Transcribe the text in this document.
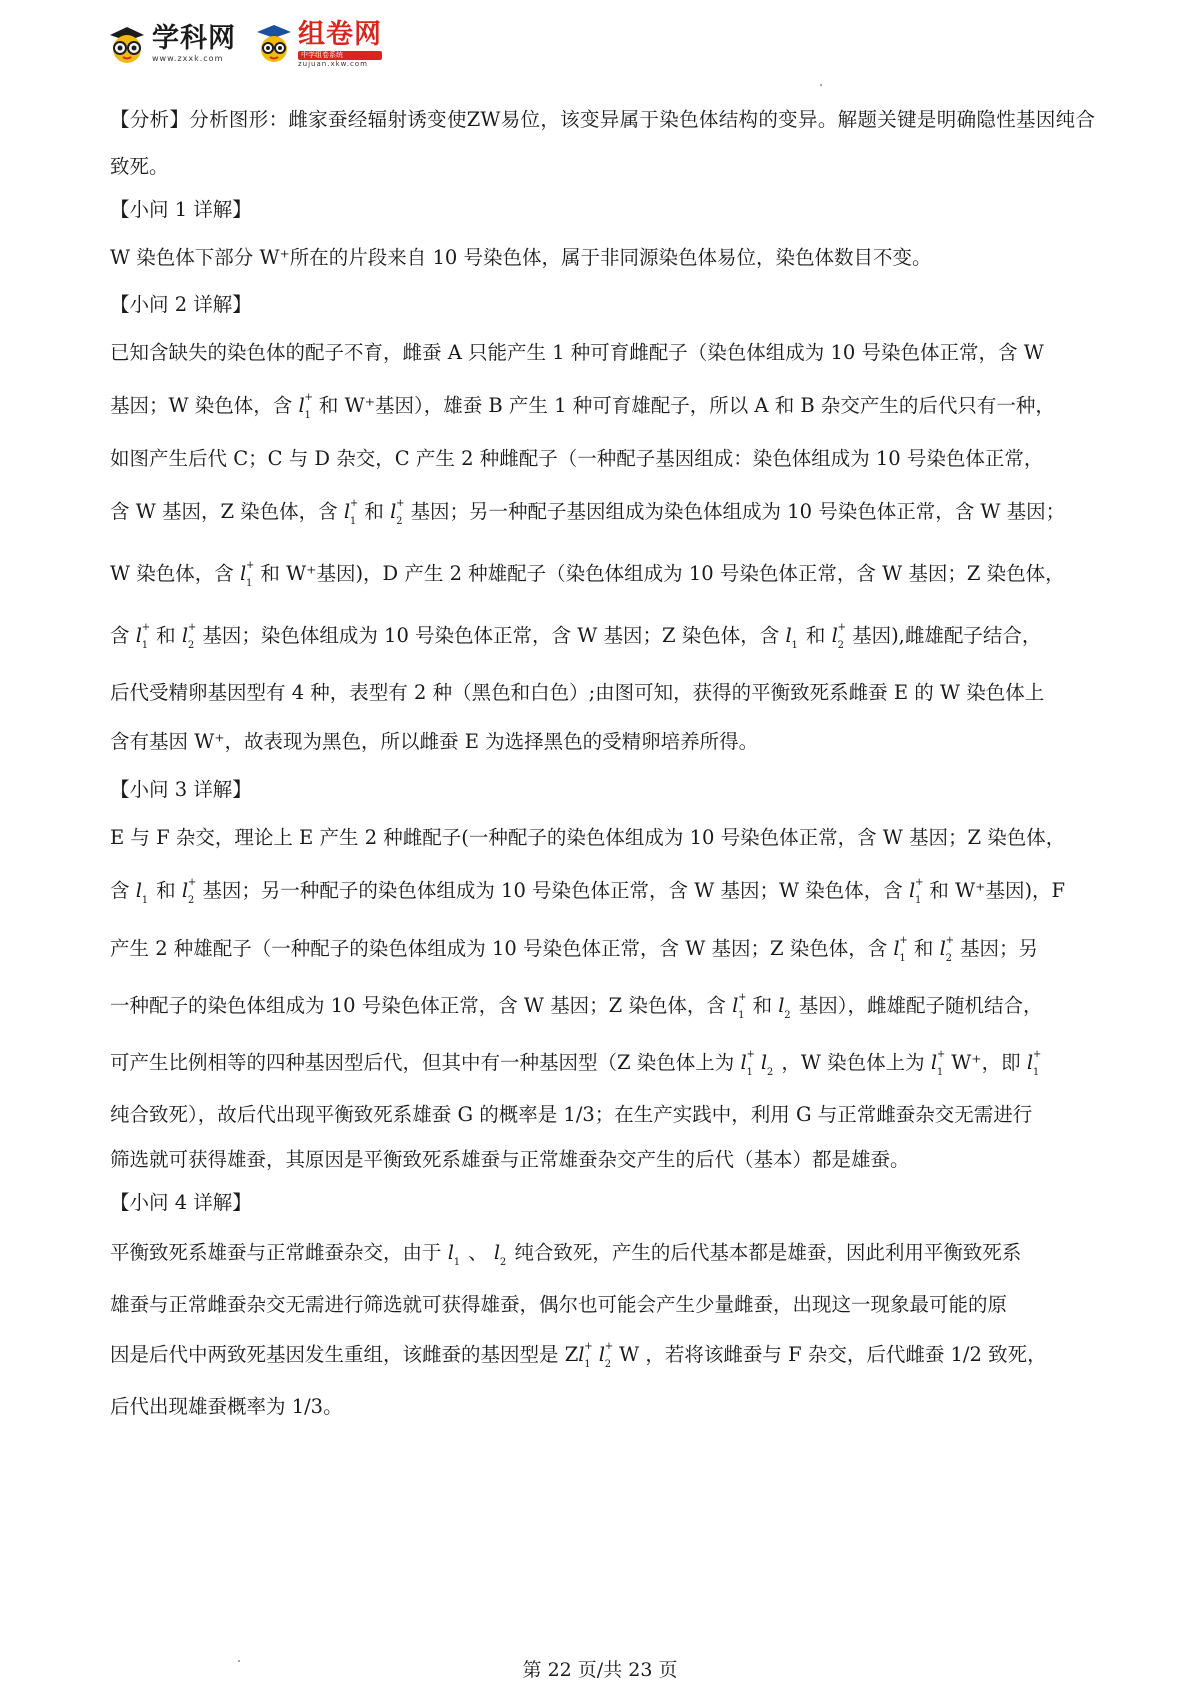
学科网
www.zxxk.com
组卷网
中学组卷系统
zujuan.xkw.com
【分析】分析图形：雌家蚕经辐射诱变使ZW易位，该变异属于染色体结构的变异。解题关键是明确隐性基因纯合致死。
【小问 1 详解】
W 染色体下部分 W⁺所在的片段来自 10 号染色体，属于非同源染色体易位，染色体数目不变。
【小问 2 详解】
已知含缺失的染色体的配子不育，雌蚕 A 只能产生 1 种可育雌配子（染色体组成为 10 号染色体正常，含 W
基因；W 染色体，含 l +
1 和 W⁺基因），雄蚕 B 产生 1 种可育雄配子，所以 A 和 B 杂交产生的后代只有一种，
如图产生后代 C；C 与 D 杂交，C 产生 2 种雌配子（一种配子基因组成：染色体组成为 10 号染色体正常，
含 W 基因，Z 染色体，含 l +
1 和 l +
2 基因；另一种配子基因组成为染色体组成为 10 号染色体正常，含 W 基因；
W 染色体，含 l +
1 和 W⁺基因)，D 产生 2 种雄配子（染色体组成为 10 号染色体正常，含 W 基因；Z 染色体，
含 l +
1 和 l +
2 基因；染色体组成为 10 号染色体正常，含 W 基因；Z 染色体，含 l 1 和 l +
2 基因),雌雄配子结合，
后代受精卵基因型有 4 种，表型有 2 种（黑色和白色）;由图可知，获得的平衡致死系雌蚕 E 的 W 染色体上
含有基因 W⁺，故表现为黑色，所以雌蚕 E 为选择黑色的受精卵培养所得。
【小问 3 详解】
E 与 F 杂交，理论上 E 产生 2 种雌配子(一种配子的染色体组成为 10 号染色体正常，含 W 基因；Z 染色体，
含 l 1 和 l +
2 基因；另一种配子的染色体组成为 10 号染色体正常，含 W 基因；W 染色体，含 l +
1 和 W⁺基因)，F
产生 2 种雄配子（一种配子的染色体组成为 10 号染色体正常，含 W 基因；Z 染色体，含 l +
1 和 l +
2 基因；另
一种配子的染色体组成为 10 号染色体正常，含 W 基因；Z 染色体，含 l +
1 和 l 2 基因），雌雄配子随机结合，
可产生比例相等的四种基因型后代，但其中有一种基因型（Z 染色体上为 l +
1 l 2 ，W 染色体上为 l +
1 W⁺，即 l +
1
纯合致死），故后代出现平衡致死系雄蚕 G 的概率是 1/3；在生产实践中，利用 G 与正常雌蚕杂交无需进行
筛选就可获得雄蚕，其原因是平衡致死系雄蚕与正常雄蚕杂交产生的后代（基本）都是雄蚕。
【小问 4 详解】
平衡致死系雄蚕与正常雌蚕杂交，由于 l 1 、 l 2 纯合致死，产生的后代基本都是雄蚕，因此利用平衡致死系
雄蚕与正常雌蚕杂交无需进行筛选就可获得雄蚕，偶尔也可能会产生少量雌蚕，出现这一现象最可能的原
因是后代中两致死基因发生重组，该雌蚕的基因型是 Zl +
1 l +
2 W ，若将该雌蚕与 F 杂交，后代雌蚕 1/2 致死，
后代出现雄蚕概率为 1/3。
第 22 页/共 23 页
